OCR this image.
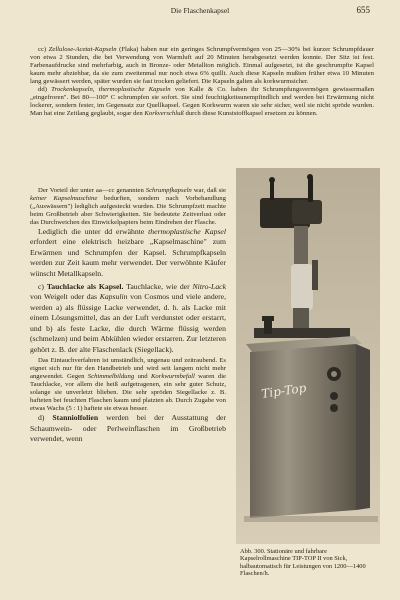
Die Flaschenkapsel	655

cc) Zellulose-Acetat-Kapseln (Flaka) haben nur ein geringes Schrumpfvermögen von 25—30% bei kurzer Schrumpfdauer von etwa 2 Stunden, die bei Verwendung von Warmluft auf 20 Minuten herabgesetzt werden konnte. Der Sitz ist fest. Farbenaufdrucke sind mehrfarbig, auch in Bronze- oder Metallton möglich. Einmal aufgesetzt, ist die geschrumpfte Kapsel kaum mehr abziehbar, da sie zum zweitenmal nur noch etwa 6% quillt. Auch diese Kapseln mußten früher etwa 10 Minuten lang gewässert werden, später wurden sie fast trocken geliefert. Die Kapseln galten als korkwurmsicher.

dd) Trockenkapseln, thermoplastische Kapseln von Kalle & Co. haben ihr Schrumpfungsvermögen gewissermaßen „eingefroren". Bei 80—100° C schrumpfen sie sofort. Sie sind feuchtigkeitsunempfindlich und werden bei Erwärmung nicht lockerer, sondern fester, im Gegensatz zur Quellkapsel. Gegen Korkwurm waren sie sehr sicher, weil sie nicht spröde wurden. Man hat eine Zeitlang geglaubt, sogar den Korkverschluß durch diese Kunststoffkapsel ersetzen zu können.

Der Vorteil der unter aa—cc genannten Schrumpfkapseln war, daß sie keiner Kapselmaschine bedurften, sondern nach Vorbehandlung („Auswässern") lediglich aufgesteckt wurden. Die Schrumpfzeit machte beim Großbetrieb aber Schwierigkeiten. Sie bedeutete Zeitverlust oder das Durchweichen des Einwickelpapiers beim Eindrehen der Flasche.

Lediglich die unter dd erwähnte thermoplastische Kapsel erfordert eine elektrisch heizbare „Kapselmaschine" zum Erwärmen und Schrumpfen der Kapsel. Schrumpfkapseln werden zur Zeit kaum mehr verwendet. Der verwöhnte Käufer wünscht Metallkapseln.

c) Tauchlacke als Kapsel. Tauchlacke, wie der Nitro-Lack von Weigelt oder das Kapsulin von Cosmos und viele andere, werden a) als flüssige Lacke verwendet, d. h. als Lacke mit einem Lösungsmittel, das an der Luft verdunstet oder erstarrt, und b) als feste Lacke, die durch Wärme flüssig werden (schmelzen) und beim Abkühlen wieder erstarren. Zur letzteren gehört z. B. der alte Flaschenlack (Siegellack).

Das Eintauchverfahren ist umständlich, ungenau und zeitraubend. Es eignet sich nur für den Handbetrieb und wird seit langem nicht mehr angewendet. Gegen Schimmelbildung und Korkwurmbefall waren die Tauchlacke, vor allem die heiß aufgetragenen, ein sehr guter Schutz, solange sie unverletzt blieben. Die sehr spröden Siegellacke z. B. hafteten bei feuchten Flaschen kaum und platzten ab. Durch Zugabe von etwas Wachs (5 : 1) haftete sie etwas besser.

d) Stanniolfolien werden bei der Ausstattung der Schaumwein- oder Perlweinflaschen im Großbetrieb verwendet, wenn

Tip-Top
Abb. 300. Stationäre und fahrbare Kapselrollmaschine TIP-TOP II von Sick, halbautomatisch für Leistungen von 1200—1400 Flaschen/h.
